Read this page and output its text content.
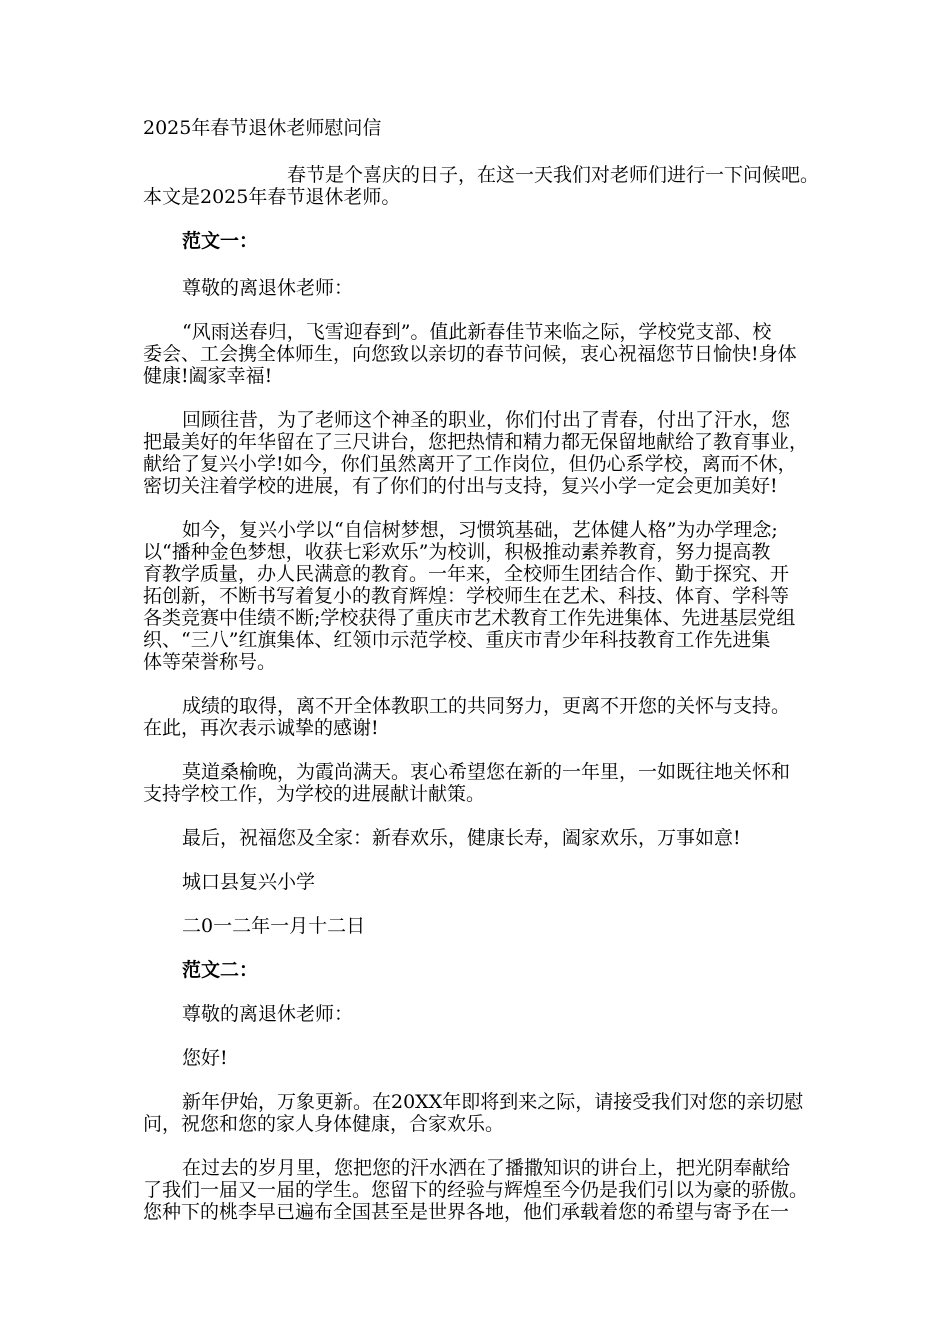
2025年春节退休老师慰问信
春节是个喜庆的日子，在这一天我们对老师们进行一下问候吧。
本文是2025年春节退休老师。
范文一：
尊敬的离退休老师：
“风雨送春归，飞雪迎春到”。值此新春佳节来临之际，学校党支部、校
委会、工会携全体师生，向您致以亲切的春节问候，衷心祝福您节日愉快!身体
健康!阖家幸福!
回顾往昔，为了老师这个神圣的职业，你们付出了青春，付出了汗水，您
把最美好的年华留在了三尺讲台，您把热情和精力都无保留地献给了教育事业，
献给了复兴小学!如今，你们虽然离开了工作岗位，但仍心系学校，离而不休，
密切关注着学校的进展，有了你们的付出与支持，复兴小学一定会更加美好!
如今，复兴小学以“自信树梦想，习惯筑基础，艺体健人格”为办学理念;
以“播种金色梦想，收获七彩欢乐”为校训，积极推动素养教育，努力提高教
育教学质量，办人民满意的教育。一年来，全校师生团结合作、勤于探究、开
拓创新，不断书写着复小的教育辉煌：学校师生在艺术、科技、体育、学科等
各类竞赛中佳绩不断;学校获得了重庆市艺术教育工作先进集体、先进基层党组
织、“三八”红旗集体、红领巾示范学校、重庆市青少年科技教育工作先进集
体等荣誉称号。
成绩的取得，离不开全体教职工的共同努力，更离不开您的关怀与支持。
在此，再次表示诚挚的感谢!
莫道桑榆晚，为霞尚满天。衷心希望您在新的一年里，一如既往地关怀和
支持学校工作，为学校的进展献计献策。
最后，祝福您及全家：新春欢乐，健康长寿，阖家欢乐，万事如意!
城口县复兴小学
二0一二年一月十二日
范文二：
尊敬的离退休老师：
您好!
新年伊始，万象更新。在20XX年即将到来之际，请接受我们对您的亲切慰
问，祝您和您的家人身体健康，合家欢乐。
在过去的岁月里，您把您的汗水洒在了播撒知识的讲台上，把光阴奉献给
了我们一届又一届的学生。您留下的经验与辉煌至今仍是我们引以为豪的骄傲。
您种下的桃李早已遍布全国甚至是世界各地，他们承载着您的希望与寄予在一
